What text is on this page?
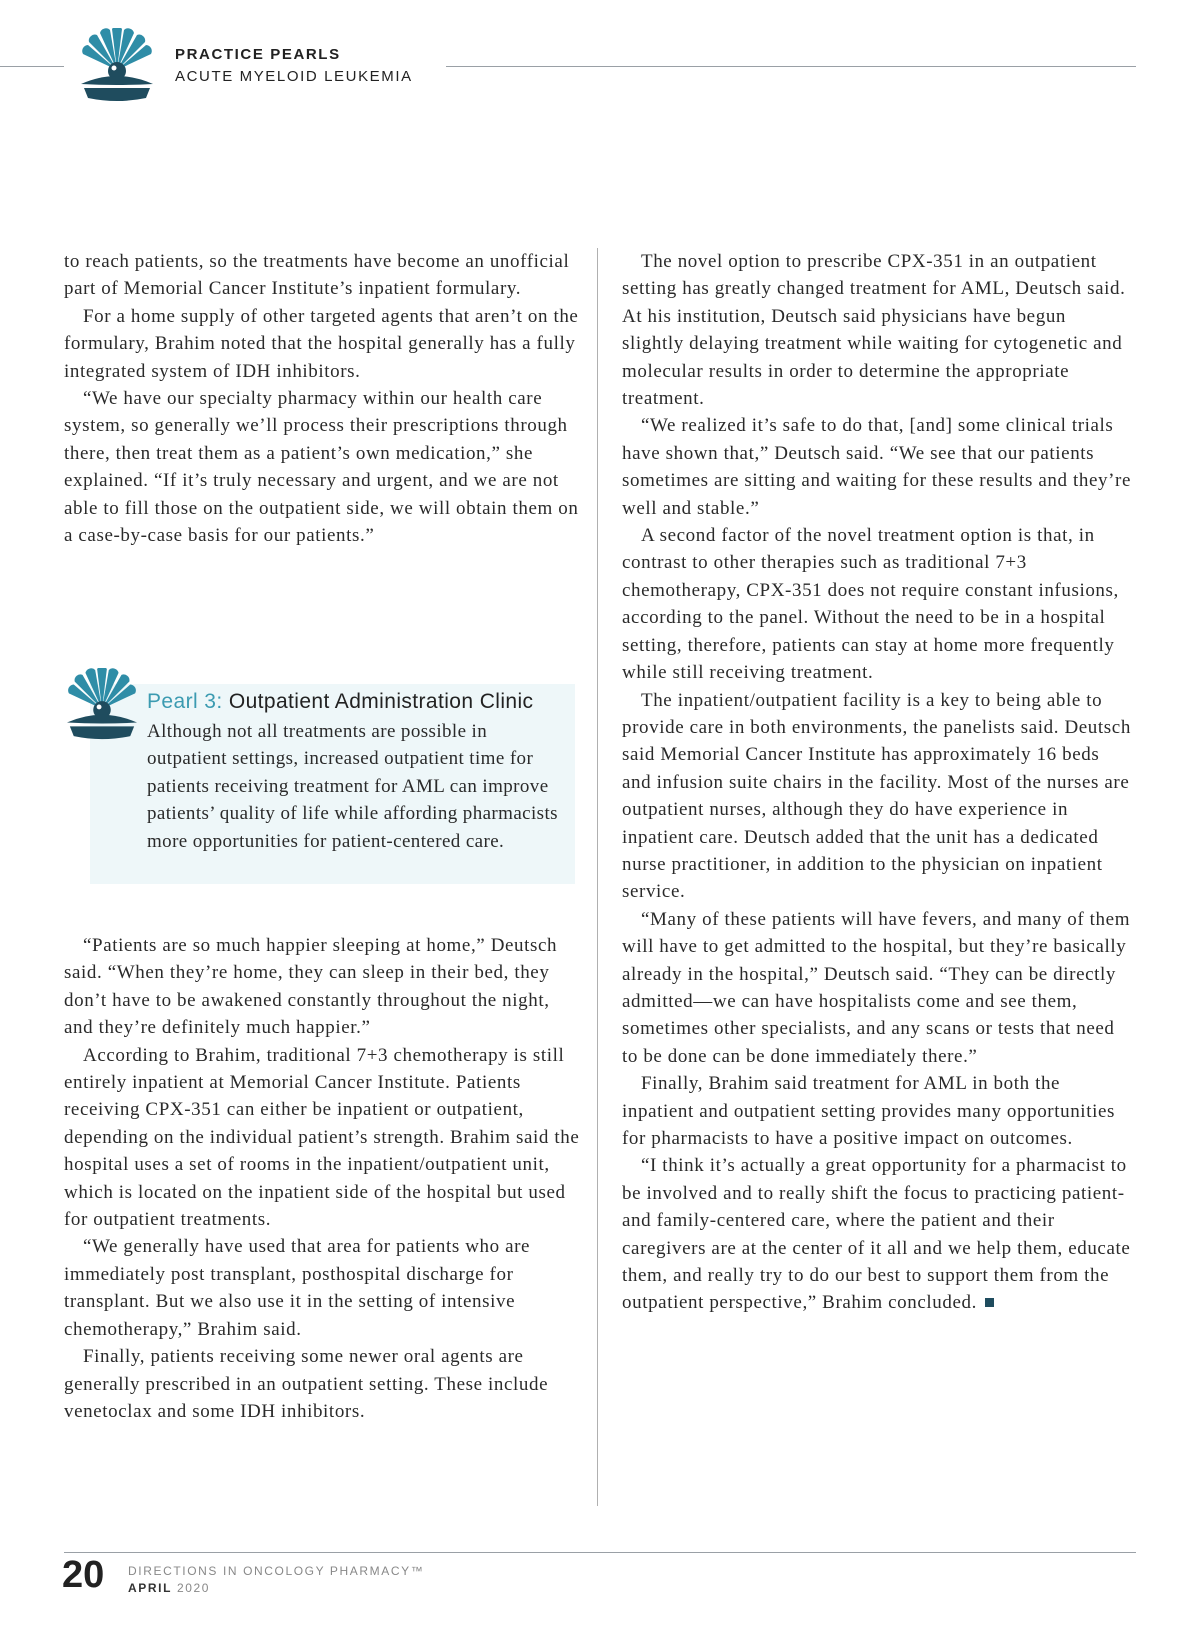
PRACTICE PEARLS
ACUTE MYELOID LEUKEMIA

to reach patients, so the treatments have become an unofficial part of Memorial Cancer Institute’s inpatient formulary.

For a home supply of other targeted agents that aren’t on the formulary, Brahim noted that the hospital generally has a fully integrated system of IDH inhibitors.

“We have our specialty pharmacy within our health care system, so generally we’ll process their prescriptions through there, then treat them as a patient’s own medication,” she explained. “If it’s truly necessary and urgent, and we are not able to fill those on the outpatient side, we will obtain them on a case-by-case basis for our patients.”

Pearl 3: Outpatient Administration Clinic

Although not all treatments are possible in outpatient settings, increased outpatient time for patients receiving treatment for AML can improve patients’ quality of life while affording pharmacists more opportunities for patient-centered care.

“Patients are so much happier sleeping at home,” Deutsch said. “When they’re home, they can sleep in their bed, they don’t have to be awakened constantly throughout the night, and they’re definitely much happier.”

According to Brahim, traditional 7+3 chemotherapy is still entirely inpatient at Memorial Cancer Institute. Patients receiving CPX-351 can either be inpatient or outpatient, depending on the individual patient’s strength. Brahim said the hospital uses a set of rooms in the inpatient/outpatient unit, which is located on the inpatient side of the hospital but used for outpatient treatments.

“We generally have used that area for patients who are immediately post transplant, posthospital discharge for transplant. But we also use it in the setting of intensive chemotherapy,” Brahim said.

Finally, patients receiving some newer oral agents are generally prescribed in an outpatient setting. These include venetoclax and some IDH inhibitors.

The novel option to prescribe CPX-351 in an outpatient setting has greatly changed treatment for AML, Deutsch said. At his institution, Deutsch said physicians have begun slightly delaying treatment while waiting for cytogenetic and molecular results in order to determine the appropriate treatment.

“We realized it’s safe to do that, [and] some clinical trials have shown that,” Deutsch said. “We see that our patients sometimes are sitting and waiting for these results and they’re well and stable.”

A second factor of the novel treatment option is that, in contrast to other therapies such as traditional 7+3 chemotherapy, CPX-351 does not require constant infusions, according to the panel. Without the need to be in a hospital setting, therefore, patients can stay at home more frequently while still receiving treatment.

The inpatient/outpatient facility is a key to being able to provide care in both environments, the panelists said. Deutsch said Memorial Cancer Institute has approximately 16 beds and infusion suite chairs in the facility. Most of the nurses are outpatient nurses, although they do have experience in inpatient care. Deutsch added that the unit has a dedicated nurse practitioner, in addition to the physician on inpatient service.

“Many of these patients will have fevers, and many of them will have to get admitted to the hospital, but they’re basically already in the hospital,” Deutsch said. “They can be directly admitted—we can have hospitalists come and see them, sometimes other specialists, and any scans or tests that need to be done can be done immediately there.”

Finally, Brahim said treatment for AML in both the inpatient and outpatient setting provides many opportunities for pharmacists to have a positive impact on outcomes.

“I think it’s actually a great opportunity for a pharmacist to be involved and to really shift the focus to practicing patient- and family-centered care, where the patient and their caregivers are at the center of it all and we help them, educate them, and really try to do our best to support them from the outpatient perspective,” Brahim concluded.

20 DIRECTIONS IN ONCOLOGY PHARMACY™
APRIL 2020
